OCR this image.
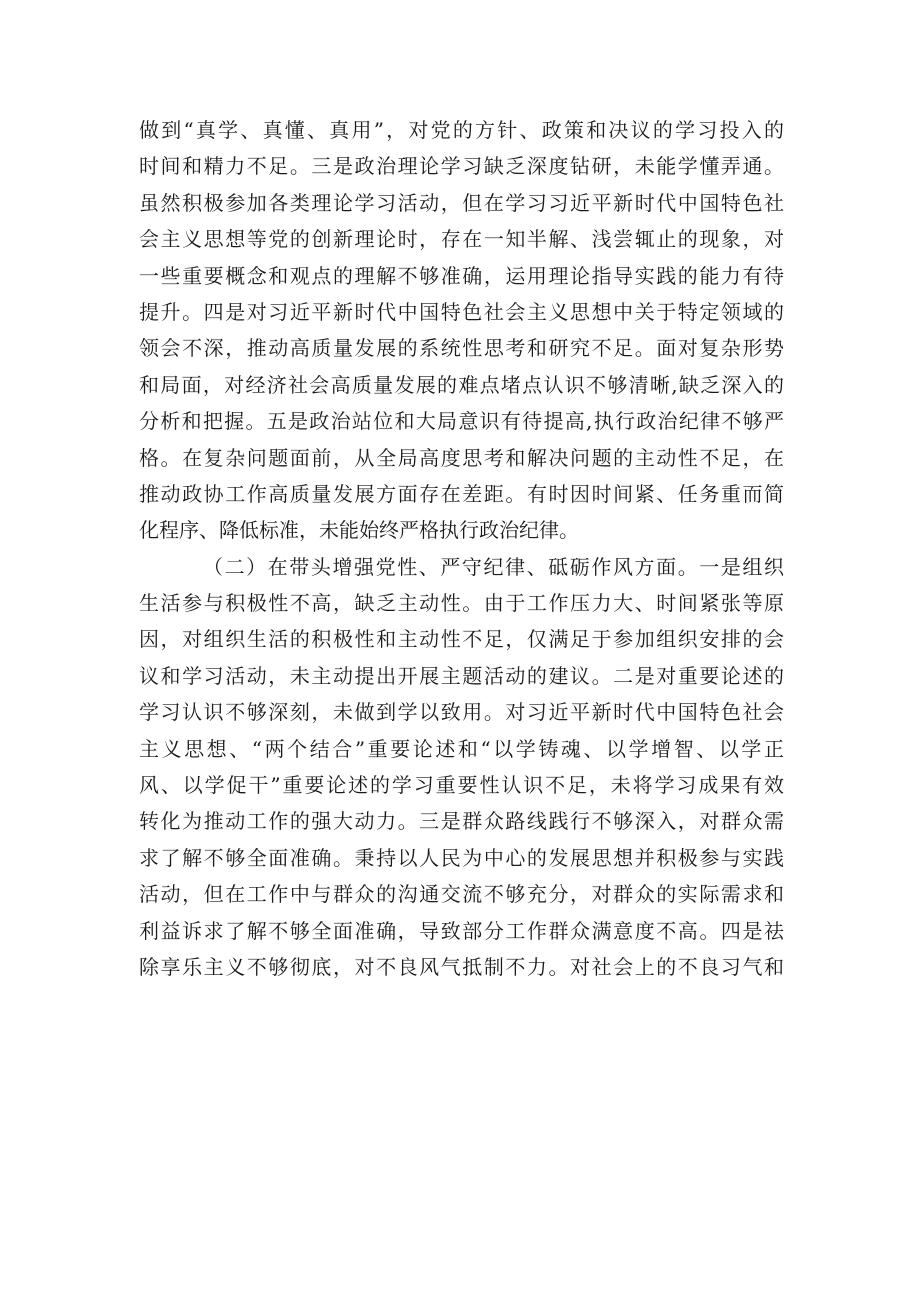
做到“真学、真懂、真用”，对党的方针、政策和决议的学习投入的
时间和精力不足。三是政治理论学习缺乏深度钻研，未能学懂弄通。
虽然积极参加各类理论学习活动，但在学习习近平新时代中国特色社
会主义思想等党的创新理论时，存在一知半解、浅尝辄止的现象，对
一些重要概念和观点的理解不够准确，运用理论指导实践的能力有待
提升。四是对习近平新时代中国特色社会主义思想中关于特定领域的
领会不深，推动高质量发展的系统性思考和研究不足。面对复杂形势
和局面，对经济社会高质量发展的难点堵点认识不够清晰,缺乏深入的
分析和把握。五是政治站位和大局意识有待提高,执行政治纪律不够严
格。在复杂问题面前，从全局高度思考和解决问题的主动性不足，在
推动政协工作高质量发展方面存在差距。有时因时间紧、任务重而简
化程序、降低标准，未能始终严格执行政治纪律。
（二）在带头增强党性、严守纪律、砥砺作风方面。一是组织
生活参与积极性不高，缺乏主动性。由于工作压力大、时间紧张等原
因，对组织生活的积极性和主动性不足，仅满足于参加组织安排的会
议和学习活动，未主动提出开展主题活动的建议。二是对重要论述的
学习认识不够深刻，未做到学以致用。对习近平新时代中国特色社会
主义思想、“两个结合”重要论述和“以学铸魂、以学增智、以学正
风、以学促干”重要论述的学习重要性认识不足，未将学习成果有效
转化为推动工作的强大动力。三是群众路线践行不够深入，对群众需
求了解不够全面准确。秉持以人民为中心的发展思想并积极参与实践
活动，但在工作中与群众的沟通交流不够充分，对群众的实际需求和
利益诉求了解不够全面准确，导致部分工作群众满意度不高。四是祛
除享乐主义不够彻底，对不良风气抵制不力。对社会上的不良习气和
